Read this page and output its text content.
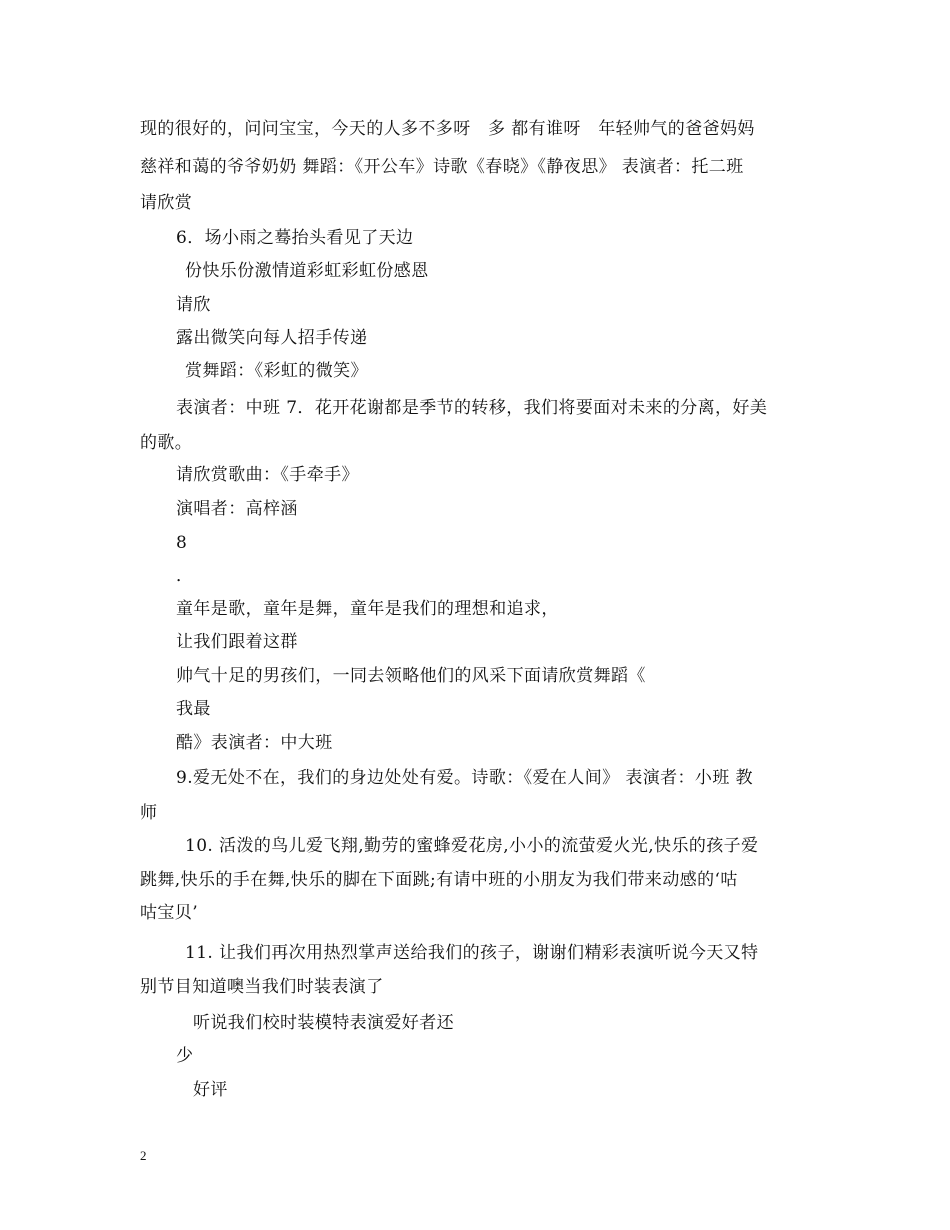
现的很好的，问问宝宝，今天的人多不多呀　多 都有谁呀　年轻帅气的爸爸妈妈
慈祥和蔼的爷爷奶奶 舞蹈：《开公车》诗歌《春晓》《静夜思》 表演者：托二班
请欣赏
6．场小雨之蓦抬头看见了天边
份快乐份激情道彩虹彩虹份感恩
请欣
露出微笑向每人招手传递
赏舞蹈：《彩虹的微笑》
表演者：中班 7．花开花谢都是季节的转移，我们将要面对未来的分离，好美
的歌。
请欣赏歌曲：《手牵手》
演唱者：高梓涵
8
．
童年是歌，童年是舞，童年是我们的理想和追求，
让我们跟着这群
帅气十足的男孩们，一同去领略他们的风采下面请欣赏舞蹈《
我最
酷》表演者：中大班
9.爱无处不在，我们的身边处处有爱。诗歌：《爱在人间》 表演者：小班 教
师
10. 活泼的鸟儿爱飞翔,勤劳的蜜蜂爱花房,小小的流萤爱火光,快乐的孩子爱
跳舞,快乐的手在舞,快乐的脚在下面跳;有请中班的小朋友为我们带来动感的‘咕
咕宝贝’
11. 让我们再次用热烈掌声送给我们的孩子，谢谢们精彩表演听说今天又特
别节目知道噢当我们时装表演了
听说我们校时装模特表演爱好者还
少
好评
2
